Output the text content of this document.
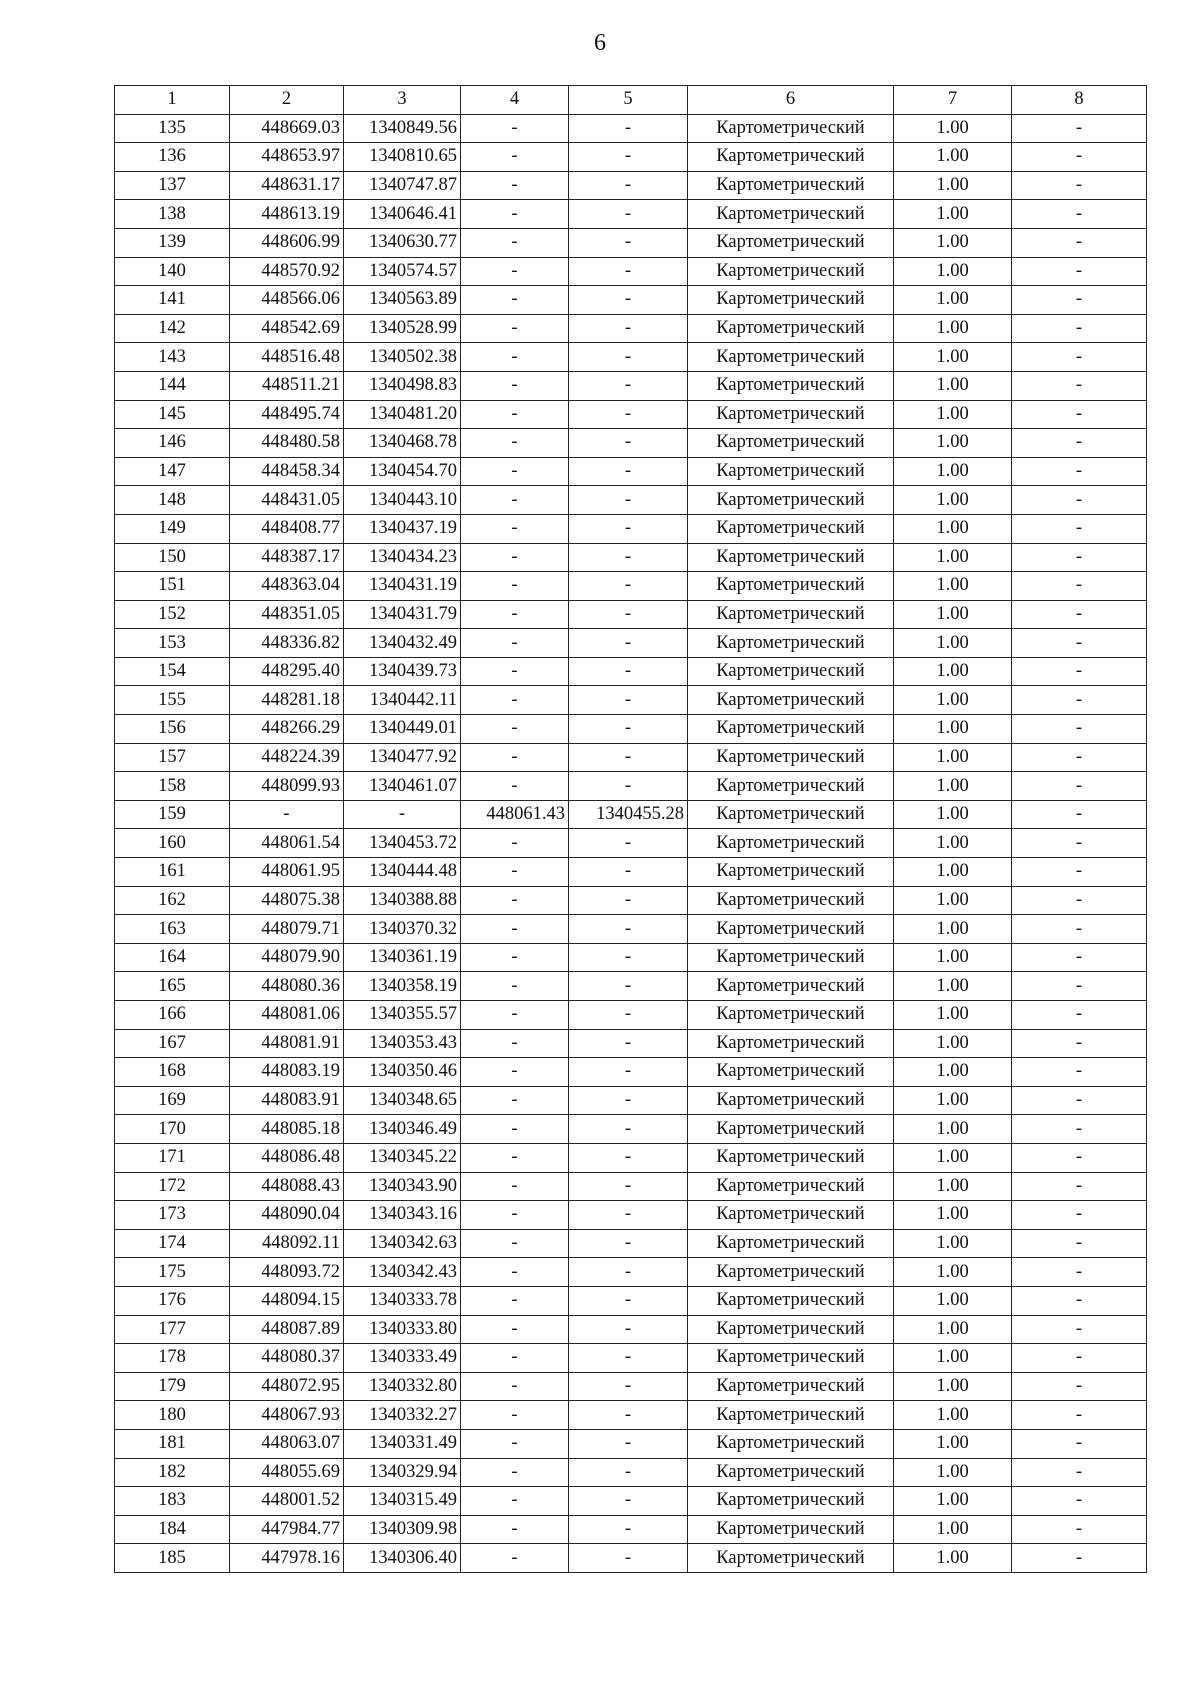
6
1	2	3	4	5	6	7	8
135	448669.03	1340849.56	-	-	Картометрический	1.00	-
136	448653.97	1340810.65	-	-	Картометрический	1.00	-
137	448631.17	1340747.87	-	-	Картометрический	1.00	-
138	448613.19	1340646.41	-	-	Картометрический	1.00	-
139	448606.99	1340630.77	-	-	Картометрический	1.00	-
140	448570.92	1340574.57	-	-	Картометрический	1.00	-
141	448566.06	1340563.89	-	-	Картометрический	1.00	-
142	448542.69	1340528.99	-	-	Картометрический	1.00	-
143	448516.48	1340502.38	-	-	Картометрический	1.00	-
144	448511.21	1340498.83	-	-	Картометрический	1.00	-
145	448495.74	1340481.20	-	-	Картометрический	1.00	-
146	448480.58	1340468.78	-	-	Картометрический	1.00	-
147	448458.34	1340454.70	-	-	Картометрический	1.00	-
148	448431.05	1340443.10	-	-	Картометрический	1.00	-
149	448408.77	1340437.19	-	-	Картометрический	1.00	-
150	448387.17	1340434.23	-	-	Картометрический	1.00	-
151	448363.04	1340431.19	-	-	Картометрический	1.00	-
152	448351.05	1340431.79	-	-	Картометрический	1.00	-
153	448336.82	1340432.49	-	-	Картометрический	1.00	-
154	448295.40	1340439.73	-	-	Картометрический	1.00	-
155	448281.18	1340442.11	-	-	Картометрический	1.00	-
156	448266.29	1340449.01	-	-	Картометрический	1.00	-
157	448224.39	1340477.92	-	-	Картометрический	1.00	-
158	448099.93	1340461.07	-	-	Картометрический	1.00	-
159	-	-	448061.43	1340455.28	Картометрический	1.00	-
160	448061.54	1340453.72	-	-	Картометрический	1.00	-
161	448061.95	1340444.48	-	-	Картометрический	1.00	-
162	448075.38	1340388.88	-	-	Картометрический	1.00	-
163	448079.71	1340370.32	-	-	Картометрический	1.00	-
164	448079.90	1340361.19	-	-	Картометрический	1.00	-
165	448080.36	1340358.19	-	-	Картометрический	1.00	-
166	448081.06	1340355.57	-	-	Картометрический	1.00	-
167	448081.91	1340353.43	-	-	Картометрический	1.00	-
168	448083.19	1340350.46	-	-	Картометрический	1.00	-
169	448083.91	1340348.65	-	-	Картометрический	1.00	-
170	448085.18	1340346.49	-	-	Картометрический	1.00	-
171	448086.48	1340345.22	-	-	Картометрический	1.00	-
172	448088.43	1340343.90	-	-	Картометрический	1.00	-
173	448090.04	1340343.16	-	-	Картометрический	1.00	-
174	448092.11	1340342.63	-	-	Картометрический	1.00	-
175	448093.72	1340342.43	-	-	Картометрический	1.00	-
176	448094.15	1340333.78	-	-	Картометрический	1.00	-
177	448087.89	1340333.80	-	-	Картометрический	1.00	-
178	448080.37	1340333.49	-	-	Картометрический	1.00	-
179	448072.95	1340332.80	-	-	Картометрический	1.00	-
180	448067.93	1340332.27	-	-	Картометрический	1.00	-
181	448063.07	1340331.49	-	-	Картометрический	1.00	-
182	448055.69	1340329.94	-	-	Картометрический	1.00	-
183	448001.52	1340315.49	-	-	Картометрический	1.00	-
184	447984.77	1340309.98	-	-	Картометрический	1.00	-
185	447978.16	1340306.40	-	-	Картометрический	1.00	-
